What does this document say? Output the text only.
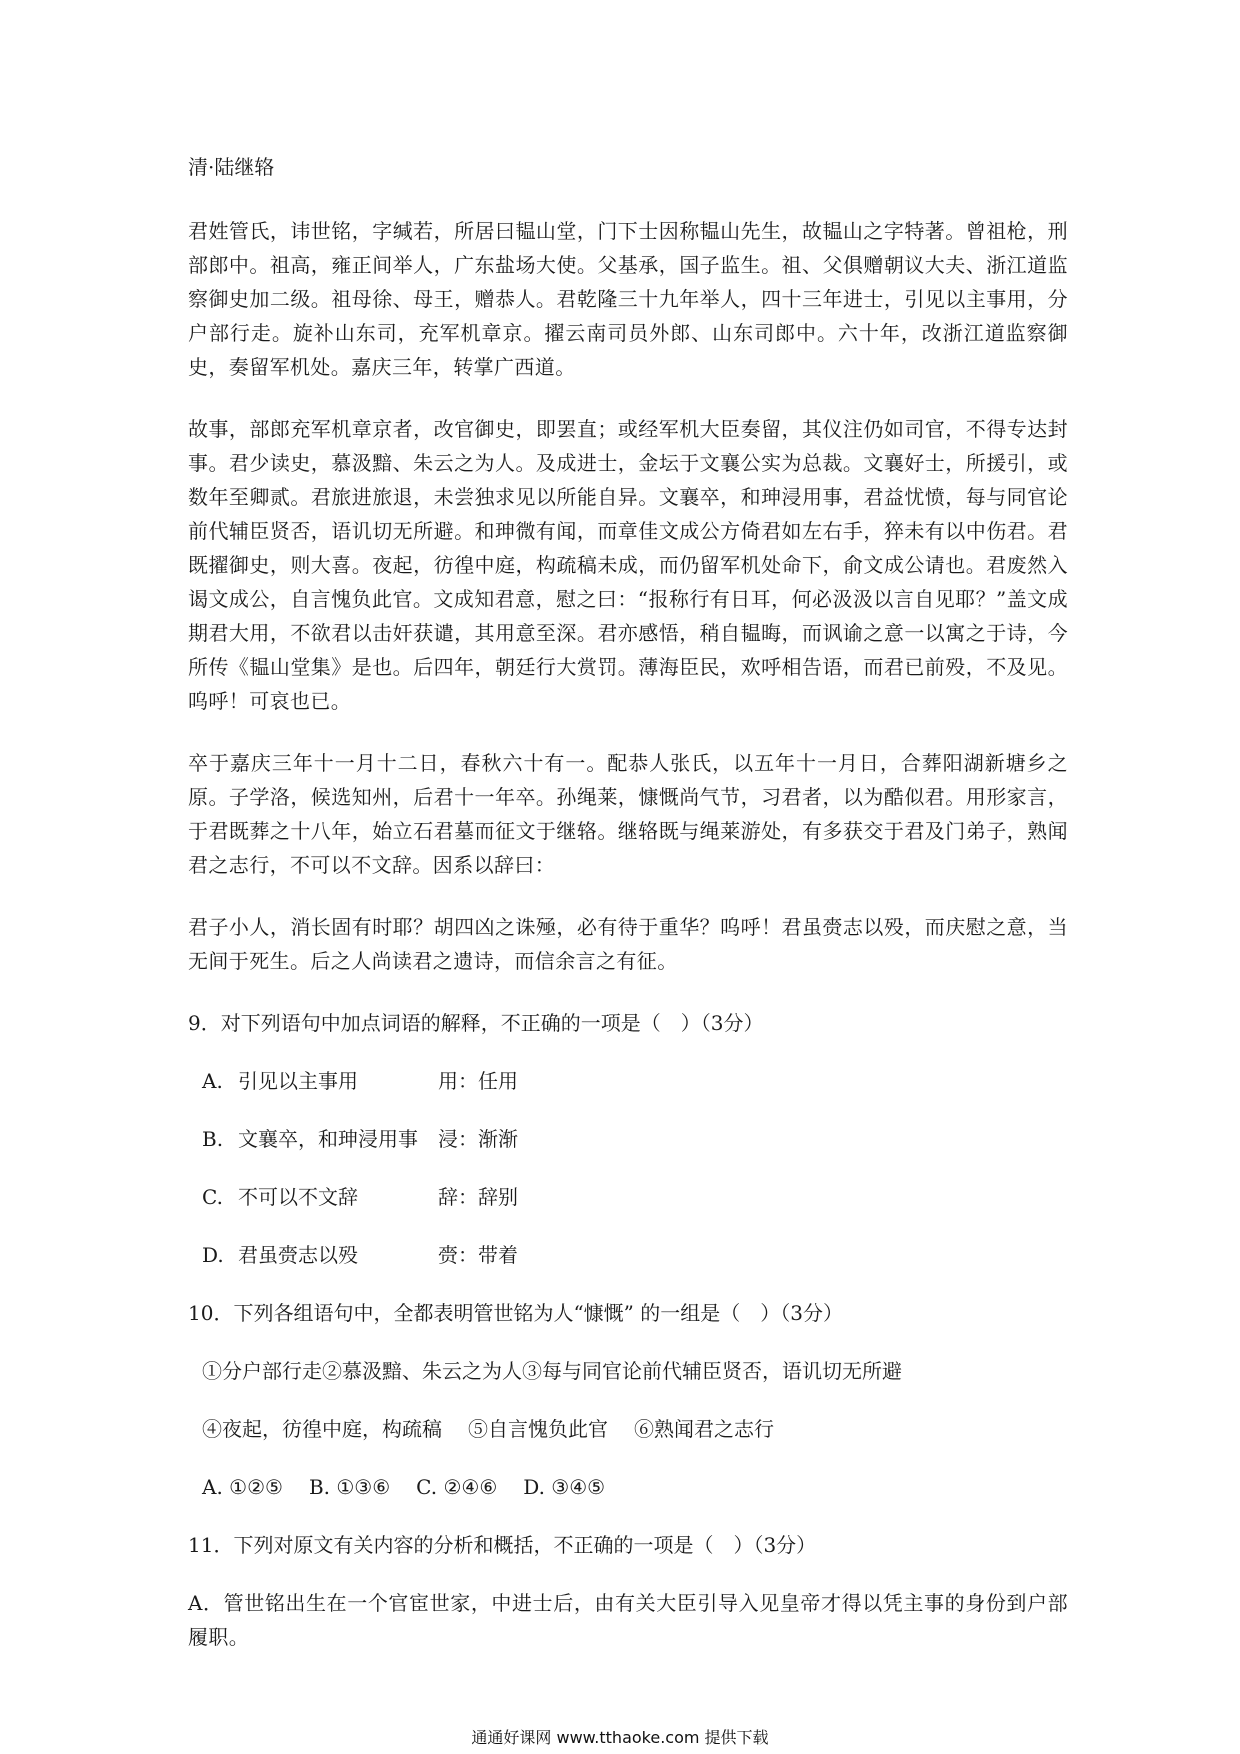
清·陆继辂

君姓管氏，讳世铭，字缄若，所居曰韫山堂，门下士因称韫山先生，故韫山之字特著。曾祖枪，刑部郎中。祖高，雍正间举人，广东盐场大使。父基承，国子监生。祖、父俱赠朝议大夫、浙江道监察御史加二级。祖母徐、母王，赠恭人。君乾隆三十九年举人，四十三年进士，引见以主事用，分户部行走。旋补山东司，充军机章京。擢云南司员外郎、山东司郎中。六十年，改浙江道监察御史，奏留军机处。嘉庆三年，转掌广西道。

故事，部郎充军机章京者，改官御史，即罢直；或经军机大臣奏留，其仪注仍如司官，不得专达封事。君少读史，慕汲黯、朱云之为人。及成进士，金坛于文襄公实为总裁。文襄好士，所援引，或数年至卿贰。君旅进旅退，未尝独求见以所能自异。文襄卒，和珅浸用事，君益忧愤，每与同官论前代辅臣贤否，语讥切无所避。和珅微有闻，而章佳文成公方倚君如左右手，猝未有以中伤君。君既擢御史，则大喜。夜起，彷徨中庭，构疏稿未成，而仍留军机处命下，俞文成公请也。君废然入谒文成公，自言愧负此官。文成知君意，慰之曰：“报称行有日耳，何必汲汲以言自见耶？”盖文成期君大用，不欲君以击奸获谴，其用意至深。君亦感悟，稍自韫晦，而讽谕之意一以寓之于诗，今所传《韫山堂集》是也。后四年，朝廷行大赏罚。薄海臣民，欢呼相告语，而君已前殁，不及见。呜呼！可哀也已。

卒于嘉庆三年十一月十二日，春秋六十有一。配恭人张氏，以五年十一月日，合葬阳湖新塘乡之原。子学洛，候选知州，后君十一年卒。孙绳莱，慷慨尚气节，习君者，以为酷似君。用形家言，于君既葬之十八年，始立石君墓而征文于继辂。继辂既与绳莱游处，有多获交于君及门弟子，熟闻君之志行，不可以不文辞。因系以辞曰：

君子小人，消长固有时耶？胡四凶之诛殛，必有待于重华？呜呼！君虽赍志以殁，而庆慰之意，当无间于死生。后之人尚读君之遗诗，而信余言之有征。

9．对下列语句中加点词语的解释，不正确的一项是（　）（3分）
A. 引见以主事用	用：任用
B. 文襄卒，和珅浸用事 浸：渐渐
C. 不可以不文辞	辞：辞别
D. 君虽赍志以殁	赍：带着
10．下列各组语句中，全都表明管世铭为人“慷慨” 的一组是（　）（3分）
①分户部行走②慕汲黯、朱云之为人③每与同官论前代辅臣贤否，语讥切无所避
④夜起，彷徨中庭，构疏稿 ⑤自言愧负此官 ⑥熟闻君之志行
A. ①②⑤ B. ①③⑥ C. ②④⑥ D. ③④⑤
11．下列对原文有关内容的分析和概括，不正确的一项是（　）（3分）

A．管世铭出生在一个官宦世家，中进士后，由有关大臣引导入见皇帝才得以凭主事的身份到户部履职。

通通好课网 www.tthaoke.com 提供下载
